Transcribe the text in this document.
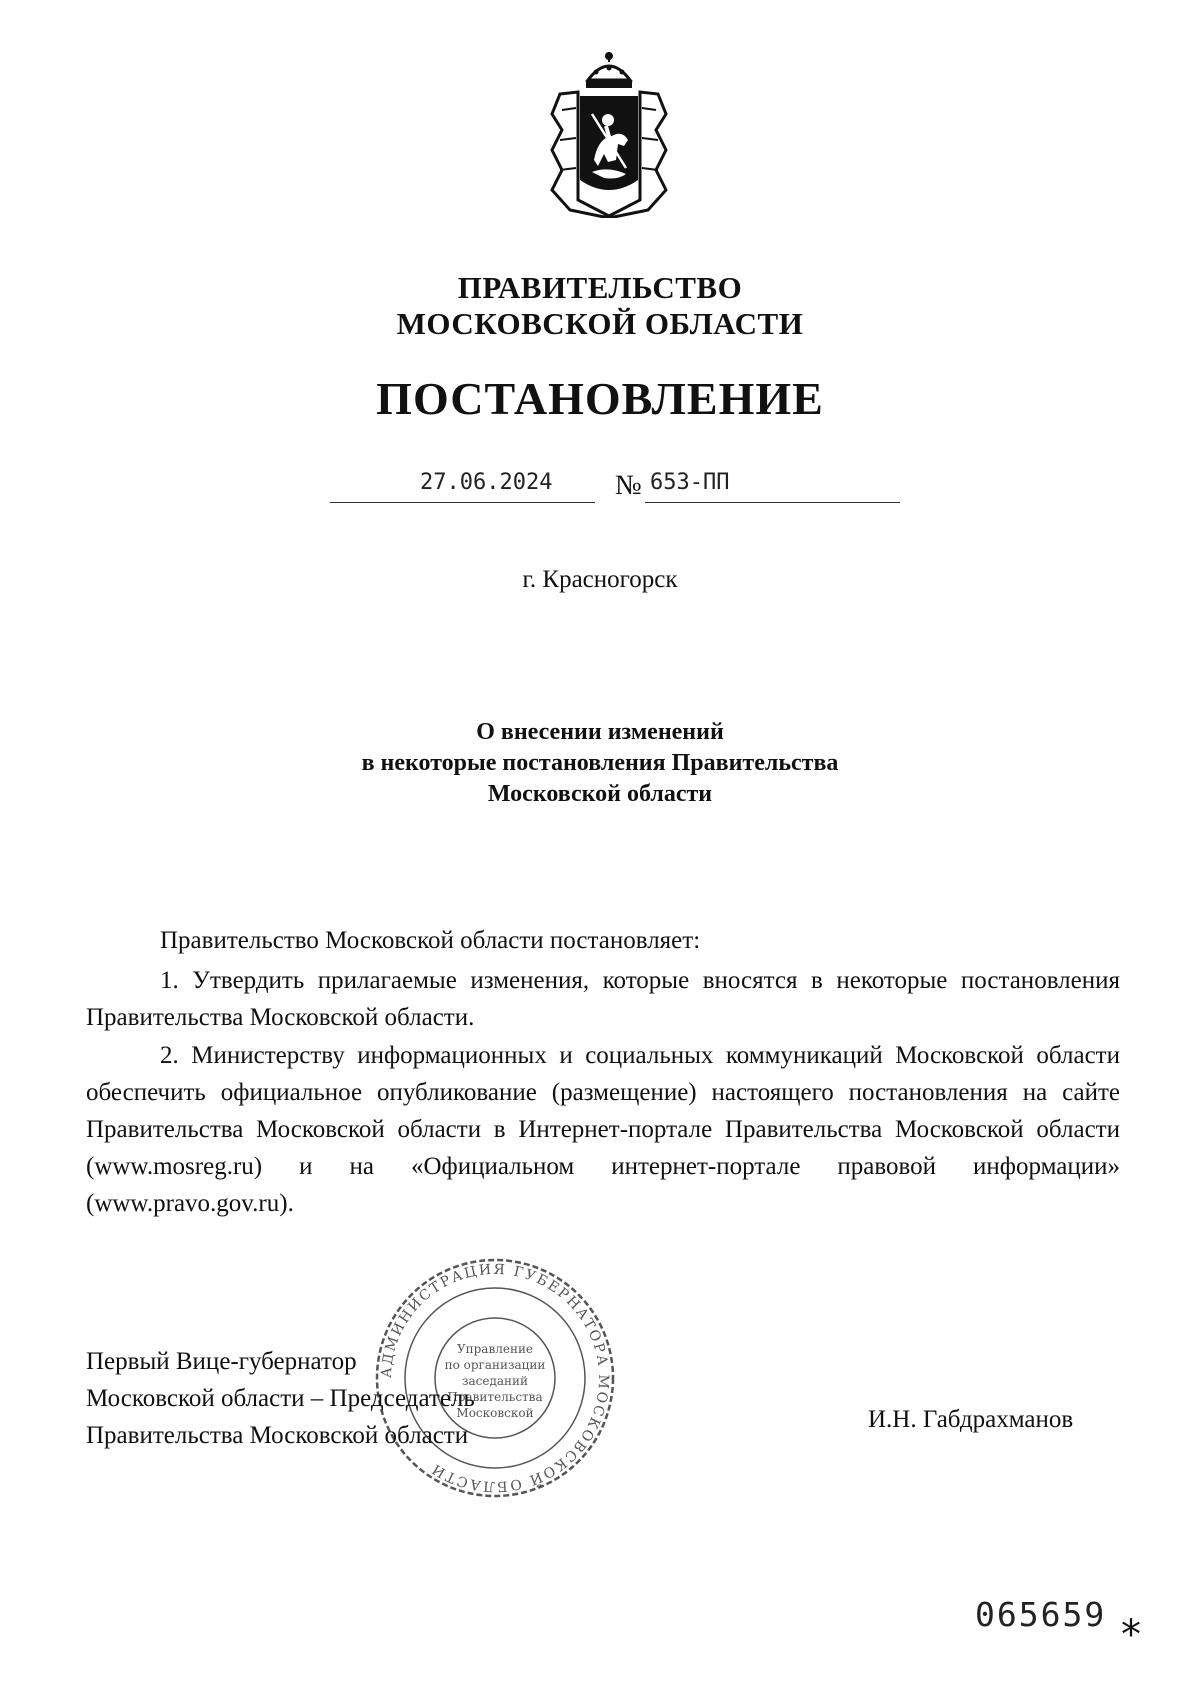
ПРАВИТЕЛЬСТВО
МОСКОВСКОЙ ОБЛАСТИ
ПОСТАНОВЛЕНИЕ
27.06.2024 № 653-ПП
г. Красногорск
О внесении изменений
в некоторые постановления Правительства
Московской области
Правительство Московской области постановляет:
1. Утвердить прилагаемые изменения, которые вносятся в некоторые постановления Правительства Московской области.
2. Министерству информационных и социальных коммуникаций Московской области обеспечить официальное опубликование (размещение) настоящего постановления на сайте Правительства Московской области в Интернет-портале Правительства Московской области (www.mosreg.ru) и на «Официальном интернет-портале правовой информации» (www.pravo.gov.ru).
АДМИНИСТРАЦИЯ ГУБЕРНАТОРА МОСКОВСКОЙ ОБЛАСТИ
Управление
по организации
заседаний
Правительства
Московской
Первый Вице-губернатор
Московской области – Председатель
Правительства Московской области
И.Н. Габдрахманов
065659 *
